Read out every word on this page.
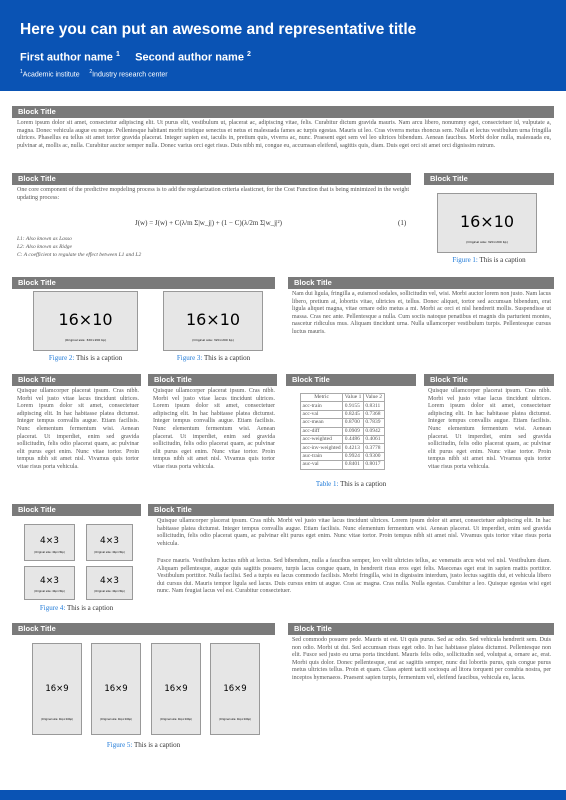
Here you can put an awesome and representative title
First author name $^1$ Second author name $^2$
$^1$Academic institute $^2$Industry research center
Block Title
Lorem ipsum dolor sit amet, consectetur adipiscing elit. Ut purus elit, vestibulum ut, placerat ac, adipiscing vitae, felis. Curabitur dictum gravida mauris. Nam arcu libero, nonummy eget, consectetuer id, vulputate a, magna. Donec vehicula augue eu neque. Pellentesque habitant morbi tristique senectus et netus et malesuada fames ac turpis egestas. Mauris ut leo. Cras viverra metus rhoncus sem. Nulla et lectus vestibulum urna fringilla ultrices. Phasellus eu tellus sit amet tortor gravida placerat. Integer sapien est, iaculis in, pretium quis, viverra ac, nunc. Praesent eget sem vel leo ultrices bibendum. Aenean faucibus. Morbi dolor nulla, malesuada eu, pulvinar at, mollis ac, nulla. Curabitur auctor semper nulla. Donec varius orci eget risus. Duis nibh mi, congue eu, accumsan eleifend, sagittis quis, diam. Duis eget orci sit amet orci dignissim rutrum.
Block Title
One core component of the predictive mopdeling process is to add the regularization criteria elasticnet, for the Cost Function that is being minimized in the weight updating process:
J(w) = J(w) + C(λ/m Σ|w_j|) + (1 − C)(λ/2m Σ|w_j|²)	(1)
L1: Also known as Lasso
L2: Also known as Ridge
C: A coefficient to regulate the effect between L1 and L2
Block Title
16×10
(Original size: 320×200 bp)
Figure 1: This is a caption
Block Title
16×10
(Original size: 320×200 bp)
Figure 2: This is a caption
16×10
(Original size: 320×200 bp)
Figure 3: This is a caption
Block Title
Nam dui ligula, fringilla a, euismod sodales, sollicitudin vel, wisi. Morbi auctor lorem non justo. Nam lacus libero, pretium at, lobortis vitae, ultricies et, tellus. Donec aliquet, tortor sed accumsan bibendum, erat ligula aliquet magna, vitae ornare odio metus a mi. Morbi ac orci et nisl hendrerit mollis. Suspendisse ut massa. Cras nec ante. Pellentesque a nulla. Cum sociis natoque penatibus et magnis dis parturient montes, nascetur ridiculus mus. Aliquam tincidunt urna. Nulla ullamcorper vestibulum turpis. Pellentesque cursus luctus mauris.
Block Title
Quisque ullamcorper placerat ipsum. Cras nibh. Morbi vel justo vitae lacus tincidunt ultrices. Lorem ipsum dolor sit amet, consectetuer adipiscing elit. In hac habitasse platea dictumst. Integer tempus convallis augue. Etiam facilisis. Nunc elementum fermentum wisi. Aenean placerat. Ut imperdiet, enim sed gravida sollicitudin, felis odio placerat quam, ac pulvinar elit purus eget enim. Nunc vitae tortor. Proin tempus nibh sit amet nisl. Vivamus quis tortor vitae risus porta vehicula.
Block Title
Quisque ullamcorper placerat ipsum. Cras nibh. Morbi vel justo vitae lacus tincidunt ultrices. Lorem ipsum dolor sit amet, consectetuer adipiscing elit. In hac habitasse platea dictumst. Integer tempus convallis augue. Etiam facilisis. Nunc elementum fermentum wisi. Aenean placerat. Ut imperdiet, enim sed gravida sollicitudin, felis odio placerat quam, ac pulvinar elit purus eget enim. Nunc vitae tortor. Proin tempus nibh sit amet nisl. Vivamus quis tortor vitae risus porta vehicula.
Block Title
Metric	Value 1	Value 2
acc-train	0.9155	0.8311
acc-val	0.8245	0.7368
acc-mean	0.8700	0.7839
acc-diff	0.0909	0.0942
acc-weighted	0.4486	0.4061
acc-inv-weighted	0.4213	0.3778
auc-train	0.9924	0.9300
auc-val	0.8401	0.8017
Table 1: This is a caption
Block Title
Quisque ullamcorper placerat ipsum. Cras nibh. Morbi vel justo vitae lacus tincidunt ultrices. Lorem ipsum dolor sit amet, consectetuer adipiscing elit. In hac habitasse platea dictumst. Integer tempus convallis augue. Etiam facilisis. Nunc elementum fermentum wisi. Aenean placerat. Ut imperdiet, enim sed gravida sollicitudin, felis odio placerat quam, ac pulvinar elit purus eget enim. Nunc vitae tortor. Proin tempus nibh sit amet nisl. Vivamus quis tortor vitae risus porta vehicula.
Block Title
4×3
(Original size: 4bp×3bp)
4×3
(Original size: 4bp×3bp)
4×3
(Original size: 4bp×3bp)
4×3
(Original size: 4bp×3bp)
Figure 4: This is a caption
Block Title
Quisque ullamcorper placerat ipsum. Cras nibh. Morbi vel justo vitae lacus tincidunt ultrices. Lorem ipsum dolor sit amet, consectetuer adipiscing elit. In hac habitasse platea dictumst. Integer tempus convallis augue. Etiam facilisis. Nunc elementum fermentum wisi. Aenean placerat. Ut imperdiet, enim sed gravida sollicitudin, felis odio placerat quam, ac pulvinar elit purus eget enim. Nunc vitae tortor. Proin tempus nibh sit amet nisl. Vivamus quis tortor vitae risus porta vehicula.
Fusce mauris. Vestibulum luctus nibh at lectus. Sed bibendum, nulla a faucibus semper, leo velit ultricies tellus, ac venenatis arcu wisi vel nisl. Vestibulum diam. Aliquam pellentesque, augue quis sagittis posuere, turpis lacus congue quam, in hendrerit risus eros eget felis. Maecenas eget erat in sapien mattis porttitor. Vestibulum porttitor. Nulla facilisi. Sed a turpis eu lacus commodo facilisis. Morbi fringilla, wisi in dignissim interdum, justo lectus sagittis dui, et vehicula libero dui cursus dui. Mauris tempor ligula sed lacus. Duis cursus enim ut augue. Cras ac magna. Cras nulla. Nulla egestas. Curabitur a leo. Quisque egestas wisi eget nunc. Nam feugiat lacus vel est. Curabitur consectetuer.
Block Title
16×9
(Original size: 4bp×16bp)
16×9
(Original size: 4bp×16bp)
16×9
(Original size: 4bp×16bp)
16×9
(Original size: 4bp×16bp)
Figure 5: This is a caption
Block Title
Sed commodo posuere pede. Mauris ut est. Ut quis purus. Sed ac odio. Sed vehicula hendrerit sem. Duis non odio. Morbi ut dui. Sed accumsan risus eget odio. In hac habitasse platea dictumst. Pellentesque non elit. Fusce sed justo eu urna porta tincidunt. Mauris felis odio, sollicitudin sed, volutpat a, ornare ac, erat. Morbi quis dolor. Donec pellentesque, erat ac sagittis semper, nunc dui lobortis purus, quis congue purus metus ultricies tellus. Proin et quam. Class aptent taciti sociosqu ad litora torquent per conubia nostra, per inceptos hymenaeos. Praesent sapien turpis, fermentum vel, eleifend faucibus, vehicula eu, lacus.
